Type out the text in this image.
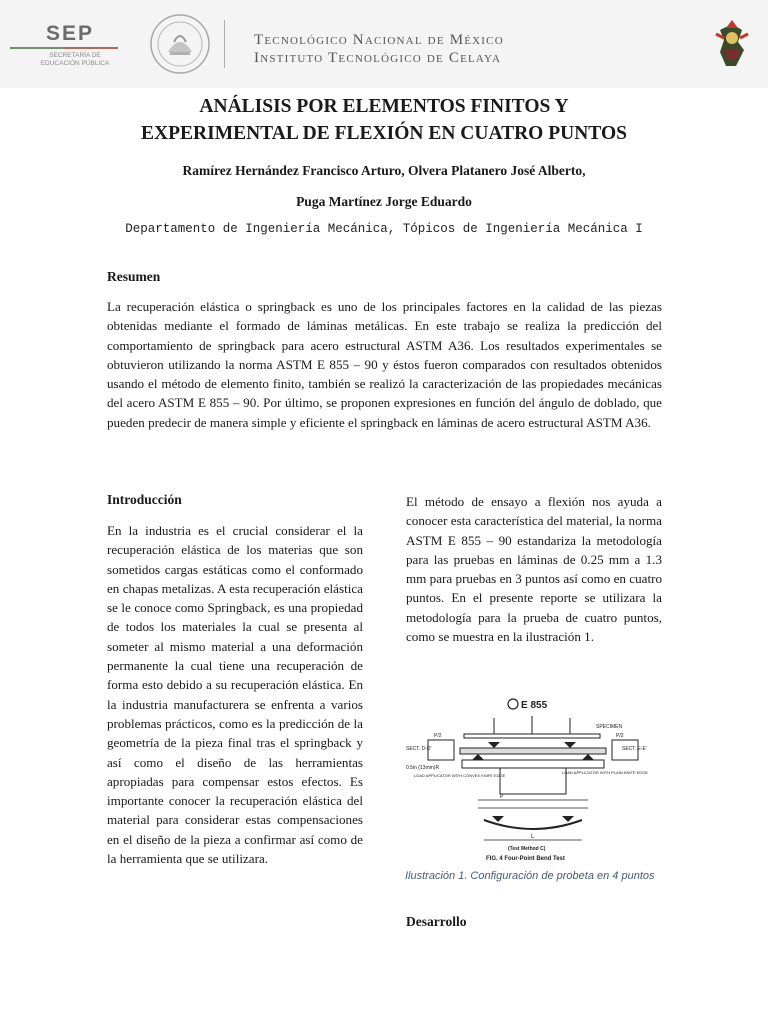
SEP
SECRETARÍA DE EDUCACIÓN PÚBLICA
Tecnológico Nacional de México
Instituto Tecnológico de Celaya
ANÁLISIS POR ELEMENTOS FINITOS Y
EXPERIMENTAL DE FLEXIÓN EN CUATRO PUNTOS
Ramírez Hernández Francisco Arturo, Olvera Platanero José Alberto,
Puga Martínez Jorge Eduardo
Departamento de Ingeniería Mecánica, Tópicos de Ingeniería Mecánica I
Resumen
La recuperación elástica o springback es uno de los principales factores en la calidad de las piezas obtenidas mediante el formado de láminas metálicas. En este trabajo se realiza la predicción del comportamiento de springback para acero estructural ASTM A36. Los resultados experimentales se obtuvieron utilizando la norma ASTM E 855 – 90 y éstos fueron comparados con resultados obtenidos usando el método de elemento finito, también se realizó la caracterización de las propiedades mecánicas del acero ASTM E 855 – 90. Por último, se proponen expresiones en función del ángulo de doblado, que pueden predecir de manera simple y eficiente el springback en láminas de acero estructural ASTM A36.
Introducción
En la industria es el crucial considerar el la recuperación elástica de los materias que son sometidos cargas estáticas como el conformado en chapas metalizas. A esta recuperación elástica se le conoce como Springback, es una propiedad de todos los materiales la cual se presenta al someter al mismo material a una deformación permanente la cual tiene una recuperación de forma esto debido a su recuperación elástica. En la industria manufacturera se enfrenta a varios problemas prácticos, como es la predicción de la geometría de la pieza final tras el springback y así como el diseño de las herramientas apropiadas para compensar estos efectos. Es importante conocer la recuperación elástica del material para considerar estas compensaciones en el diseño de la pieza a confirmar así como de la herramienta que se utilizara.
El método de ensayo a flexión nos ayuda a conocer esta característica del material, la norma ASTM E 855 – 90 estandariza la metodología para las pruebas en láminas de 0.25 mm a 1.3 mm para pruebas en 3 puntos así como en cuatro puntos. En el presente reporte se utilizara la metodología para la prueba de cuatro puntos, como se muestra en la ilustración 1.
E 855
SPECIMEN
SECT. D-D'	SECT. E-E'
P/2	P/2
0.5in (13mm)R
LOAD APPLICATOR WITH CONVEX KNIFE EDGE
LOAD APPLICATOR WITH PLAIN KNIFE EDGE
P
L
(Test Method C)
FIG. 4 Four-Point Bend Test
Ilustración 1. Configuración de probeta en 4 puntos
Desarrollo
